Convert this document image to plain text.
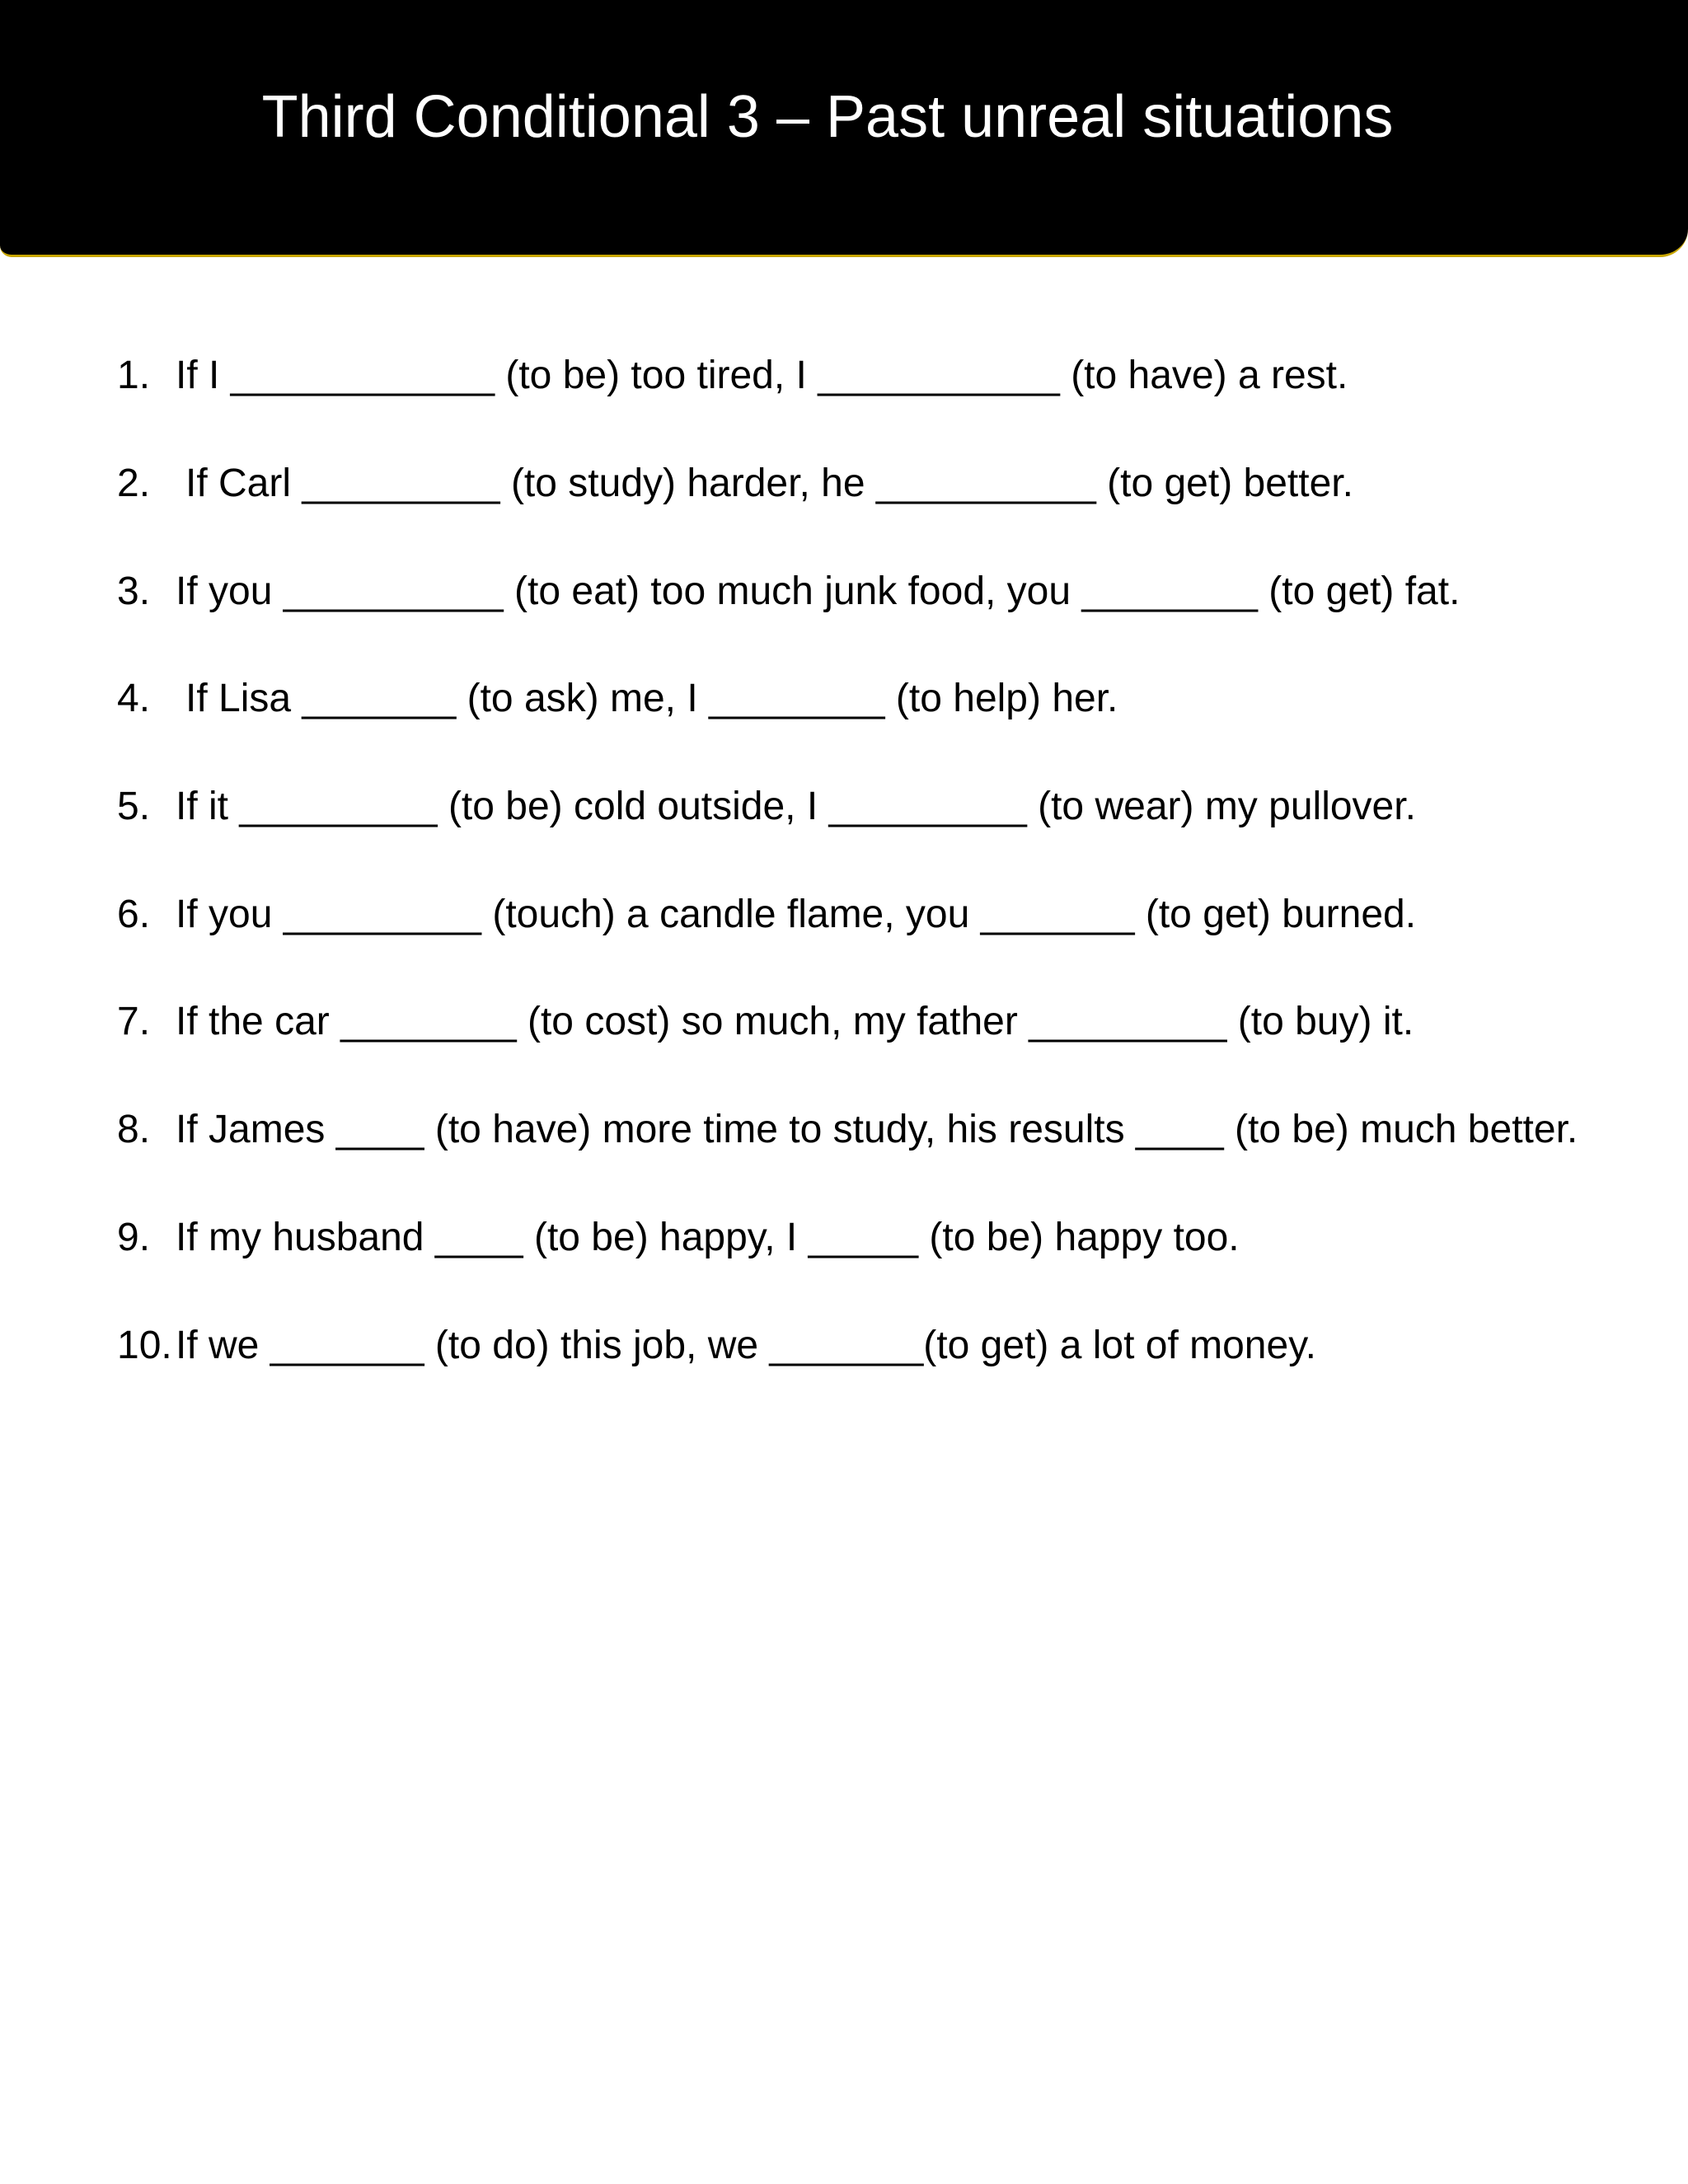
Third Conditional 3 – Past unreal situations
1. If I ____________ (to be) too tired, I ___________ (to have) a rest.
2. If Carl _________ (to study) harder, he __________ (to get) better.
3. If you __________ (to eat) too much junk food, you ________ (to get) fat.
4. If Lisa _______ (to ask) me, I ________ (to help) her.
5. If it _________ (to be) cold outside, I _________ (to wear) my pullover.
6. If you _________ (touch) a candle flame, you _______ (to get) burned.
7. If the car ________ (to cost) so much, my father _________ (to buy) it.
8. If James ____ (to have) more time to study, his results ____ (to be) much better.
9. If my husband ____ (to be) happy, I _____ (to be) happy too.
10. If we _______ (to do) this job, we _______(to get) a lot of money.
